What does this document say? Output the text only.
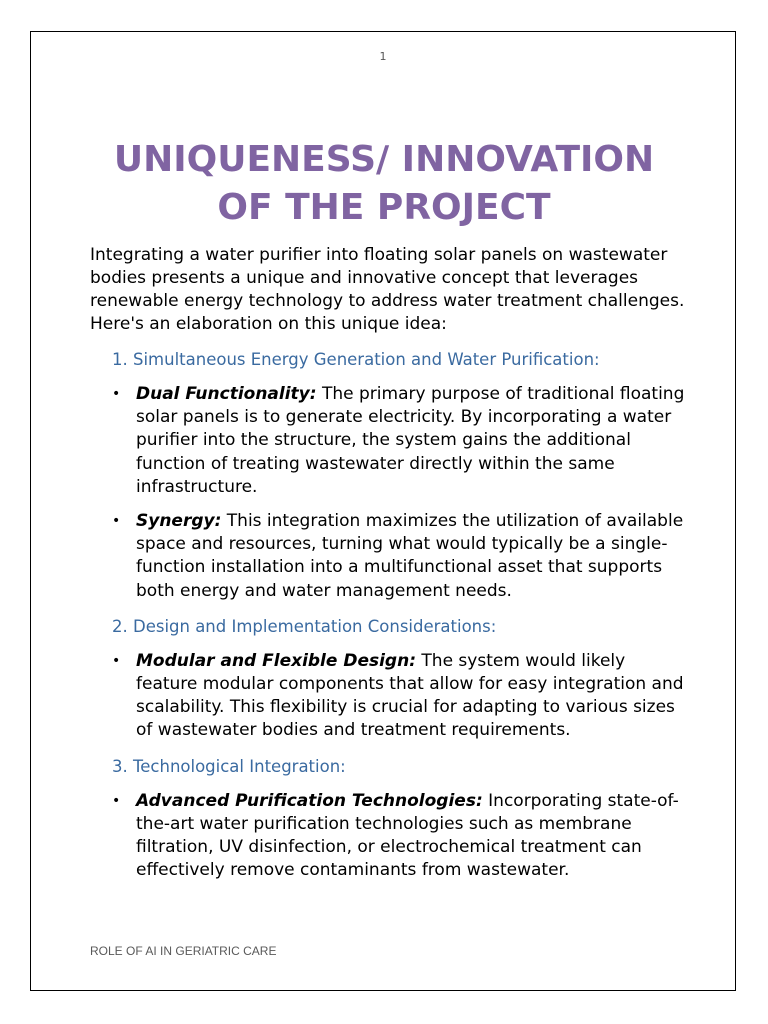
1
UNIQUENESS/ INNOVATION
OF THE PROJECT

Integrating a water purifier into floating solar panels on wastewater bodies presents a unique and innovative concept that leverages renewable energy technology to address water treatment challenges. Here's an elaboration on this unique idea:

1. Simultaneous Energy Generation and Water Purification:
• Dual Functionality: The primary purpose of traditional floating solar panels is to generate electricity. By incorporating a water purifier into the structure, the system gains the additional function of treating wastewater directly within the same infrastructure.
• Synergy: This integration maximizes the utilization of available space and resources, turning what would typically be a single-function installation into a multifunctional asset that supports both energy and water management needs.
2. Design and Implementation Considerations:
• Modular and Flexible Design: The system would likely feature modular components that allow for easy integration and scalability. This flexibility is crucial for adapting to various sizes of wastewater bodies and treatment requirements.
3. Technological Integration:
• Advanced Purification Technologies: Incorporating state-of-the-art water purification technologies such as membrane filtration, UV disinfection, or electrochemical treatment can effectively remove contaminants from wastewater.
ROLE OF AI IN GERIATRIC CARE
